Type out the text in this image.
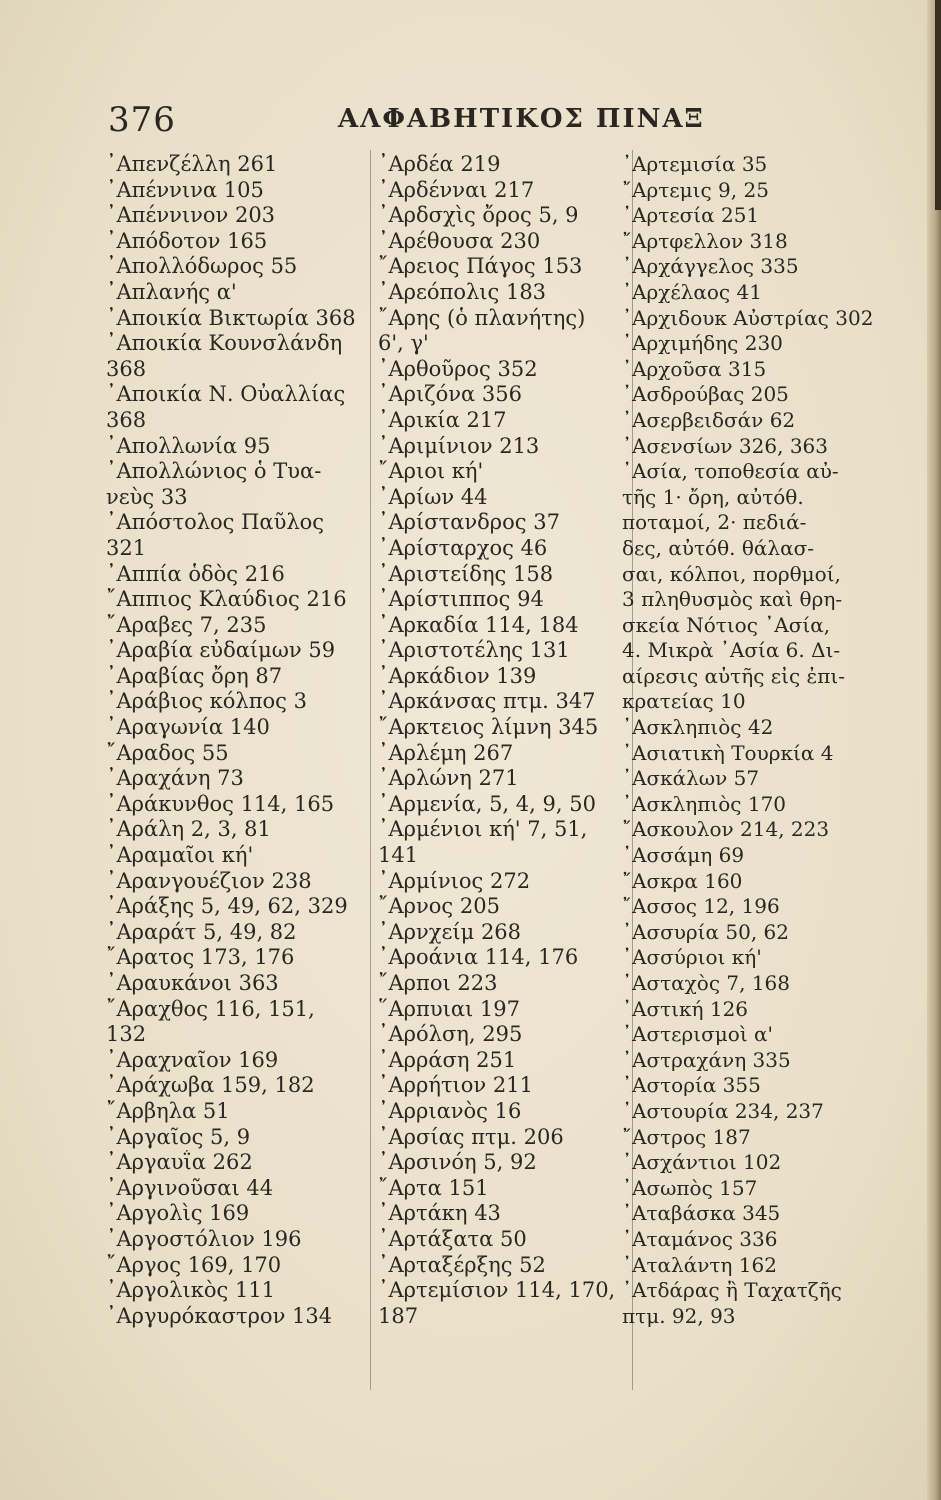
376	ΑΛΦΑΒΗΤΙΚΟΣ ΠΙΝΑΞ
᾿Απενζέλλη 261
᾿Απέννινα 105
᾿Απέννινον 203
᾿Απόδοτον 165
᾿Απολλόδωρος 55
᾿Απλανής α'
᾿Αποικία Βικτωρία 368
᾿Αποικία Κουνσλάνδη
368
᾿Αποικία Ν. Οὐαλλίας
368
᾿Απολλωνία 95
᾿Απολλώνιος ὁ Τυα-
νεὺς 33
᾿Απόστολος Παῦλος
321
᾿Αππία ὁδὸς 216
῎Αππιος Κλαύδιος 216
῎Αραβες 7, 235
᾿Αραβία εὐδαίμων 59
᾿Αραβίας ὄρη 87
᾿Αράβιος κόλπος 3
᾿Αραγωνία 140
῎Αραδος 55
᾿Αραχάνη 73
᾿Αράκυνθος 114, 165
᾿Αράλη 2, 3, 81
᾿Αραμαῖοι κή'
᾿Αρανγουέζιον 238
᾿Αράξης 5, 49, 62, 329
᾿Αραράτ 5, 49, 82
῎Αρατος 173, 176
᾿Αραυκάνοι 363
῎Αραχθος 116, 151,
132
᾿Αραχναῖον 169
᾿Αράχωβα 159, 182
῎Αρβηλα 51
᾿Αργαῖος 5, 9
᾿Αργαυΐα 262
᾿Αργινοῦσαι 44
᾿Αργολὶς 169
᾿Αργοστόλιον 196
῎Αργος 169, 170
᾿Αργολικὸς 111
᾿Αργυρόκαστρον 134
᾿Αρδέα 219
᾿Αρδένναι 217
᾿Αρδσχὶς ὄρος 5, 9
᾿Αρέθουσα 230
῎Αρειος Πάγος 153
᾿Αρεόπολις 183
῎Αρης (ὁ πλανήτης)
6', γ'
᾿Αρθοῦρος 352
᾿Αριζόνα 356
᾿Αρικία 217
᾿Αριμίνιον 213
῎Αριοι κή'
᾿Αρίων 44
᾿Αρίστανδρος 37
᾿Αρίσταρχος 46
᾿Αριστείδης 158
᾿Αρίστιππος 94
᾿Αρκαδία 114, 184
᾿Αριστοτέλης 131
᾿Αρκάδιον 139
᾿Αρκάνσας πτμ. 347
῎Αρκτειος λίμνη 345
᾿Αρλέμη 267
᾿Αρλώνη 271
᾿Αρμενία, 5, 4, 9, 50
᾿Αρμένιοι κή' 7, 51,
141
᾿Αρμίνιος 272
῎Αρνος 205
᾿Αρνχείμ 268
᾿Αροάνια 114, 176
῎Αρποι 223
῞Αρπυιαι 197
᾿Αρόλση, 295
᾿Αρράση 251
᾿Αρρήτιον 211
᾿Αρριανὸς 16
᾿Αρσίας πτμ. 206
᾿Αρσινόη 5, 92
῎Αρτα 151
᾿Αρτάκη 43
᾿Αρτάξατα 50
᾿Αρταξέρξης 52
᾿Αρτεμίσιον 114, 170,
187
᾿Αρτεμισία 35
῎Αρτεμις 9, 25
᾿Αρτεσία 251
῎Αρτφελλον 318
᾿Αρχάγγελος 335
᾿Αρχέλαος 41
᾿Αρχιδουκ Αὐστρίας 302
᾿Αρχιμήδης 230
᾿Αρχοῦσα 315
᾿Ασδρούβας 205
᾿Ασερβειδσάν 62
᾿Ασενσίων 326, 363
᾿Ασία, τοποθεσία αὐ-
τῆς 1· ὄρη, αὐτόθ.
ποταμοί, 2· πεδιά-
δες, αὐτόθ. θάλασ-
σαι, κόλποι, πορθμοί,
3 πληθυσμὸς καὶ θρη-
σκεία Νότιος ᾿Ασία,
4. Μικρὰ ᾿Ασία 6. Δι-
αίρεσις αὐτῆς εἰς ἐπι-
κρατείας 10
᾿Ασκληπιὸς 42
᾿Ασιατικὴ Τουρκία 4
᾿Ασκάλων 57
᾿Ασκληπιὸς 170
῎Ασκουλον 214, 223
᾿Ασσάμη 69
῎Ασκρα 160
῎Ασσος 12, 196
᾿Ασσυρία 50, 62
᾿Ασσύριοι κή'
᾿Ασταχὸς 7, 168
᾿Αστική 126
᾿Αστερισμοὶ α'
᾿Αστραχάνη 335
᾿Αστορία 355
᾿Αστουρία 234, 237
῎Αστρος 187
᾿Ασχάντιοι 102
᾿Ασωπὸς 157
᾿Αταβάσκα 345
᾿Αταμάνος 336
᾿Αταλάντη 162
᾿Ατδάρας ἢ Ταχατζῆς
πτμ. 92, 93
